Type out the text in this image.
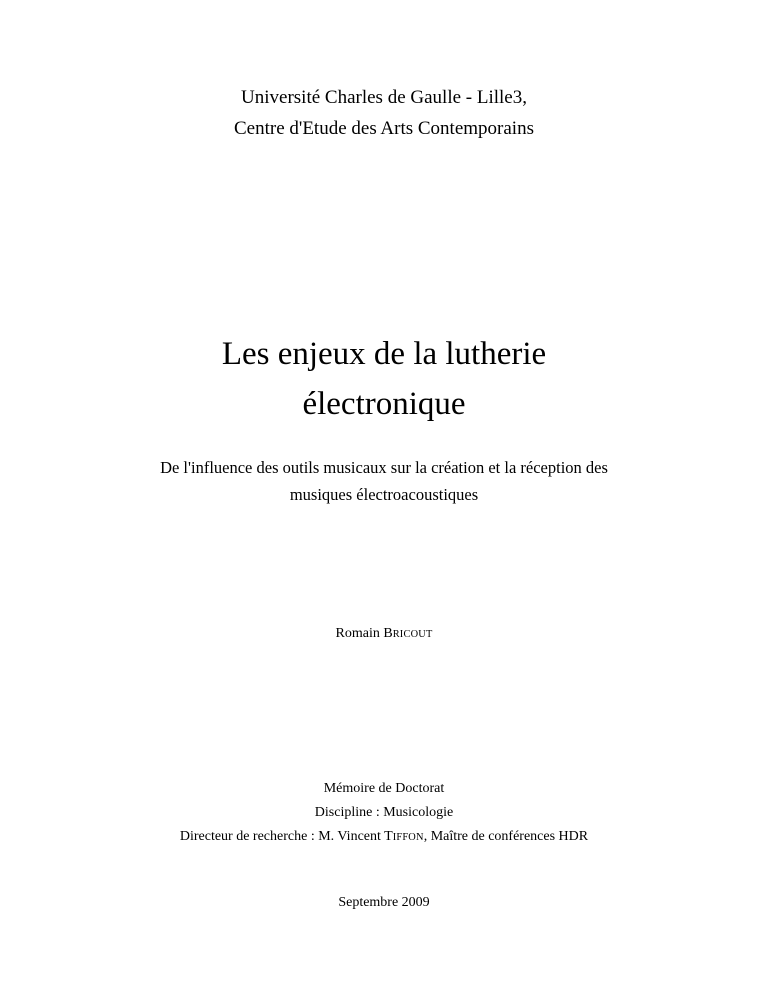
Université Charles de Gaulle - Lille3,
Centre d'Etude des Arts Contemporains
Les enjeux de la lutherie
électronique
De l'influence des outils musicaux sur la création et la réception des
musiques électroacoustiques
Romain BRICOUT
Mémoire de Doctorat
Discipline : Musicologie
Directeur de recherche : M. Vincent TIFFON, Maître de conférences HDR
Septembre 2009
